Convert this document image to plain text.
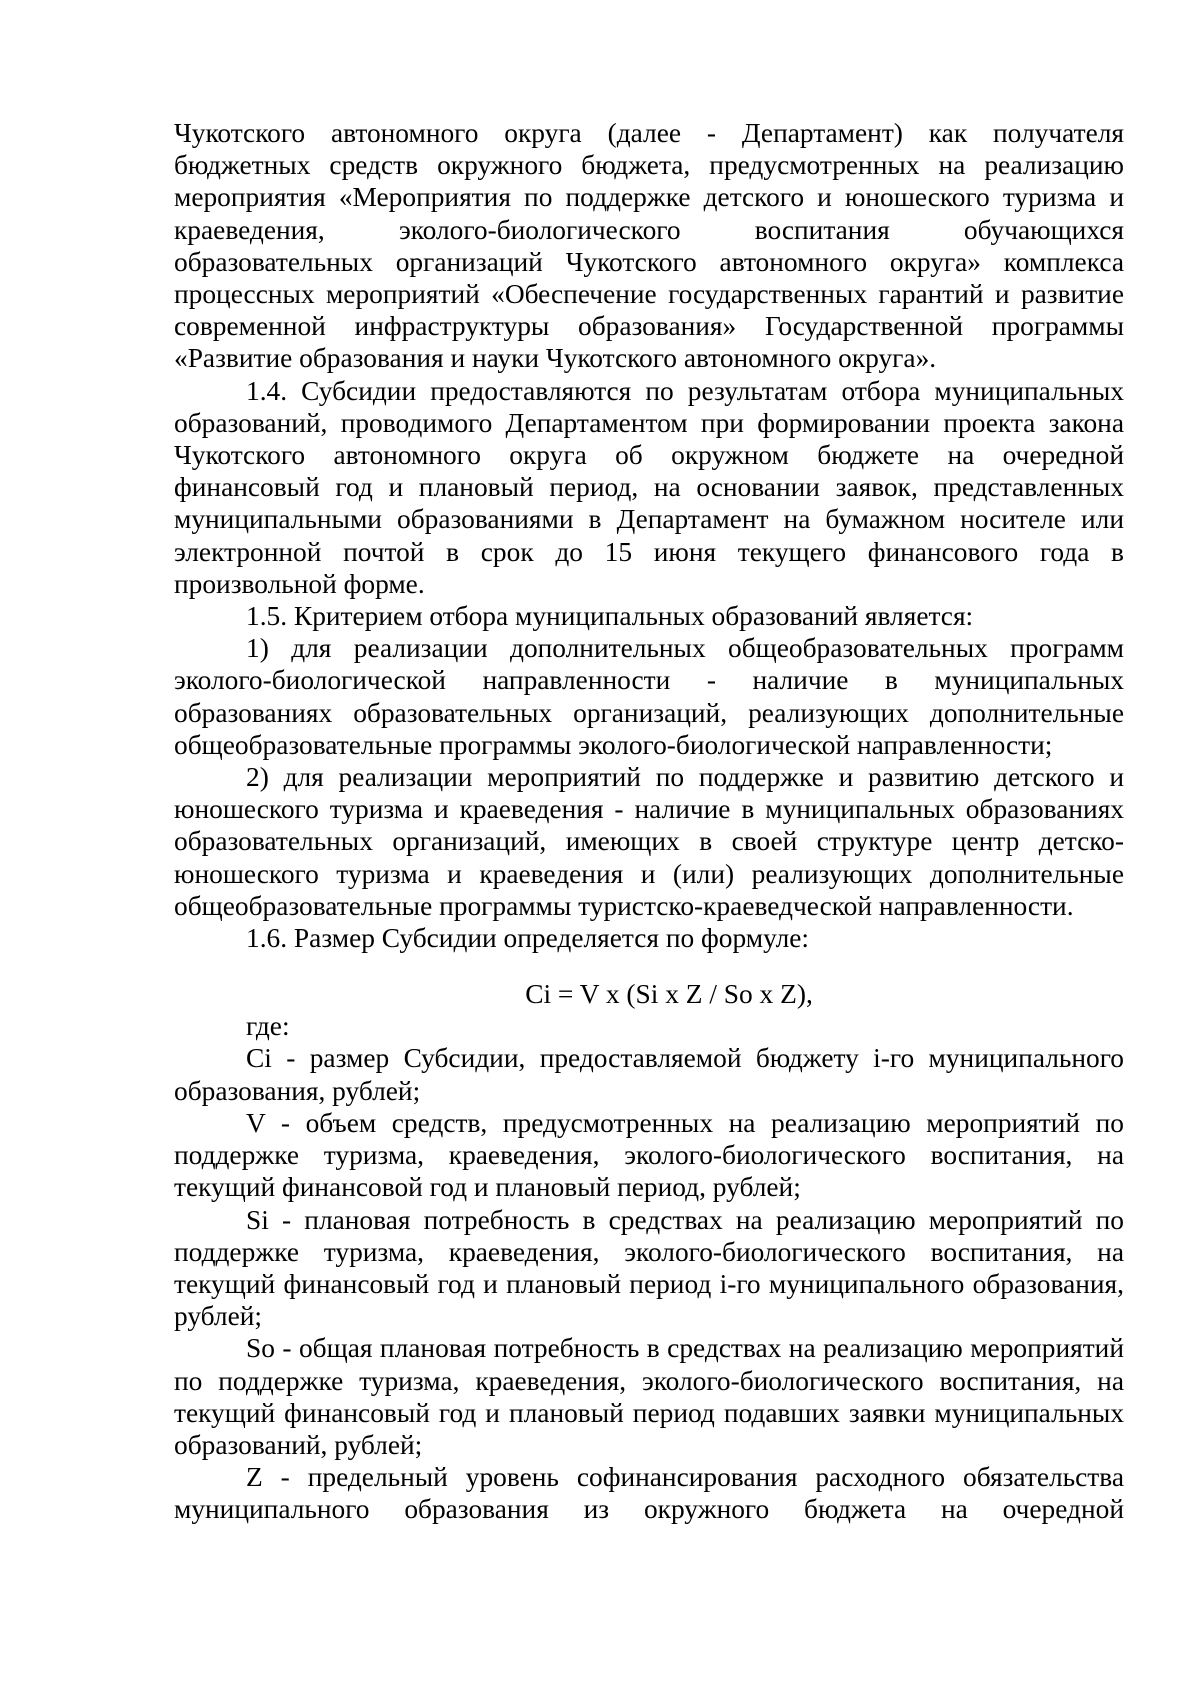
Чукотского автономного округа (далее - Департамент) как получателя бюджетных средств окружного бюджета, предусмотренных на реализацию мероприятия «Мероприятия по поддержке детского и юношеского туризма и краеведения, эколого-биологического воспитания обучающихся образовательных организаций Чукотского автономного округа» комплекса процессных мероприятий «Обеспечение государственных гарантий и развитие современной инфраструктуры образования» Государственной программы «Развитие образования и науки Чукотского автономного округа».

1.4. Субсидии предоставляются по результатам отбора муниципальных образований, проводимого Департаментом при формировании проекта закона Чукотского автономного округа об окружном бюджете на очередной финансовый год и плановый период, на основании заявок, представленных муниципальными образованиями в Департамент на бумажном носителе или электронной почтой в срок до 15 июня текущего финансового года в произвольной форме.

1.5. Критерием отбора муниципальных образований является:

1) для реализации дополнительных общеобразовательных программ эколого-биологической направленности - наличие в муниципальных образованиях образовательных организаций, реализующих дополнительные общеобразовательные программы эколого-биологической направленности;

2) для реализации мероприятий по поддержке и развитию детского и юношеского туризма и краеведения - наличие в муниципальных образованиях образовательных организаций, имеющих в своей структуре центр детско-юношеского туризма и краеведения и (или) реализующих дополнительные общеобразовательные программы туристско-краеведческой направленности.

1.6. Размер Субсидии определяется по формуле:

Ci = V x (Si x Z / So x Z),

где:

Ci - размер Субсидии, предоставляемой бюджету i-го муниципального образования, рублей;

V - объем средств, предусмотренных на реализацию мероприятий по поддержке туризма, краеведения, эколого-биологического воспитания, на текущий финансовой год и плановый период, рублей;

Si - плановая потребность в средствах на реализацию мероприятий по поддержке туризма, краеведения, эколого-биологического воспитания, на текущий финансовый год и плановый период i-го муниципального образования, рублей;

So - общая плановая потребность в средствах на реализацию мероприятий по поддержке туризма, краеведения, эколого-биологического воспитания, на текущий финансовый год и плановый период подавших заявки муниципальных образований, рублей;

Z - предельный уровень софинансирования расходного обязательства муниципального образования из окружного бюджета на очередной
